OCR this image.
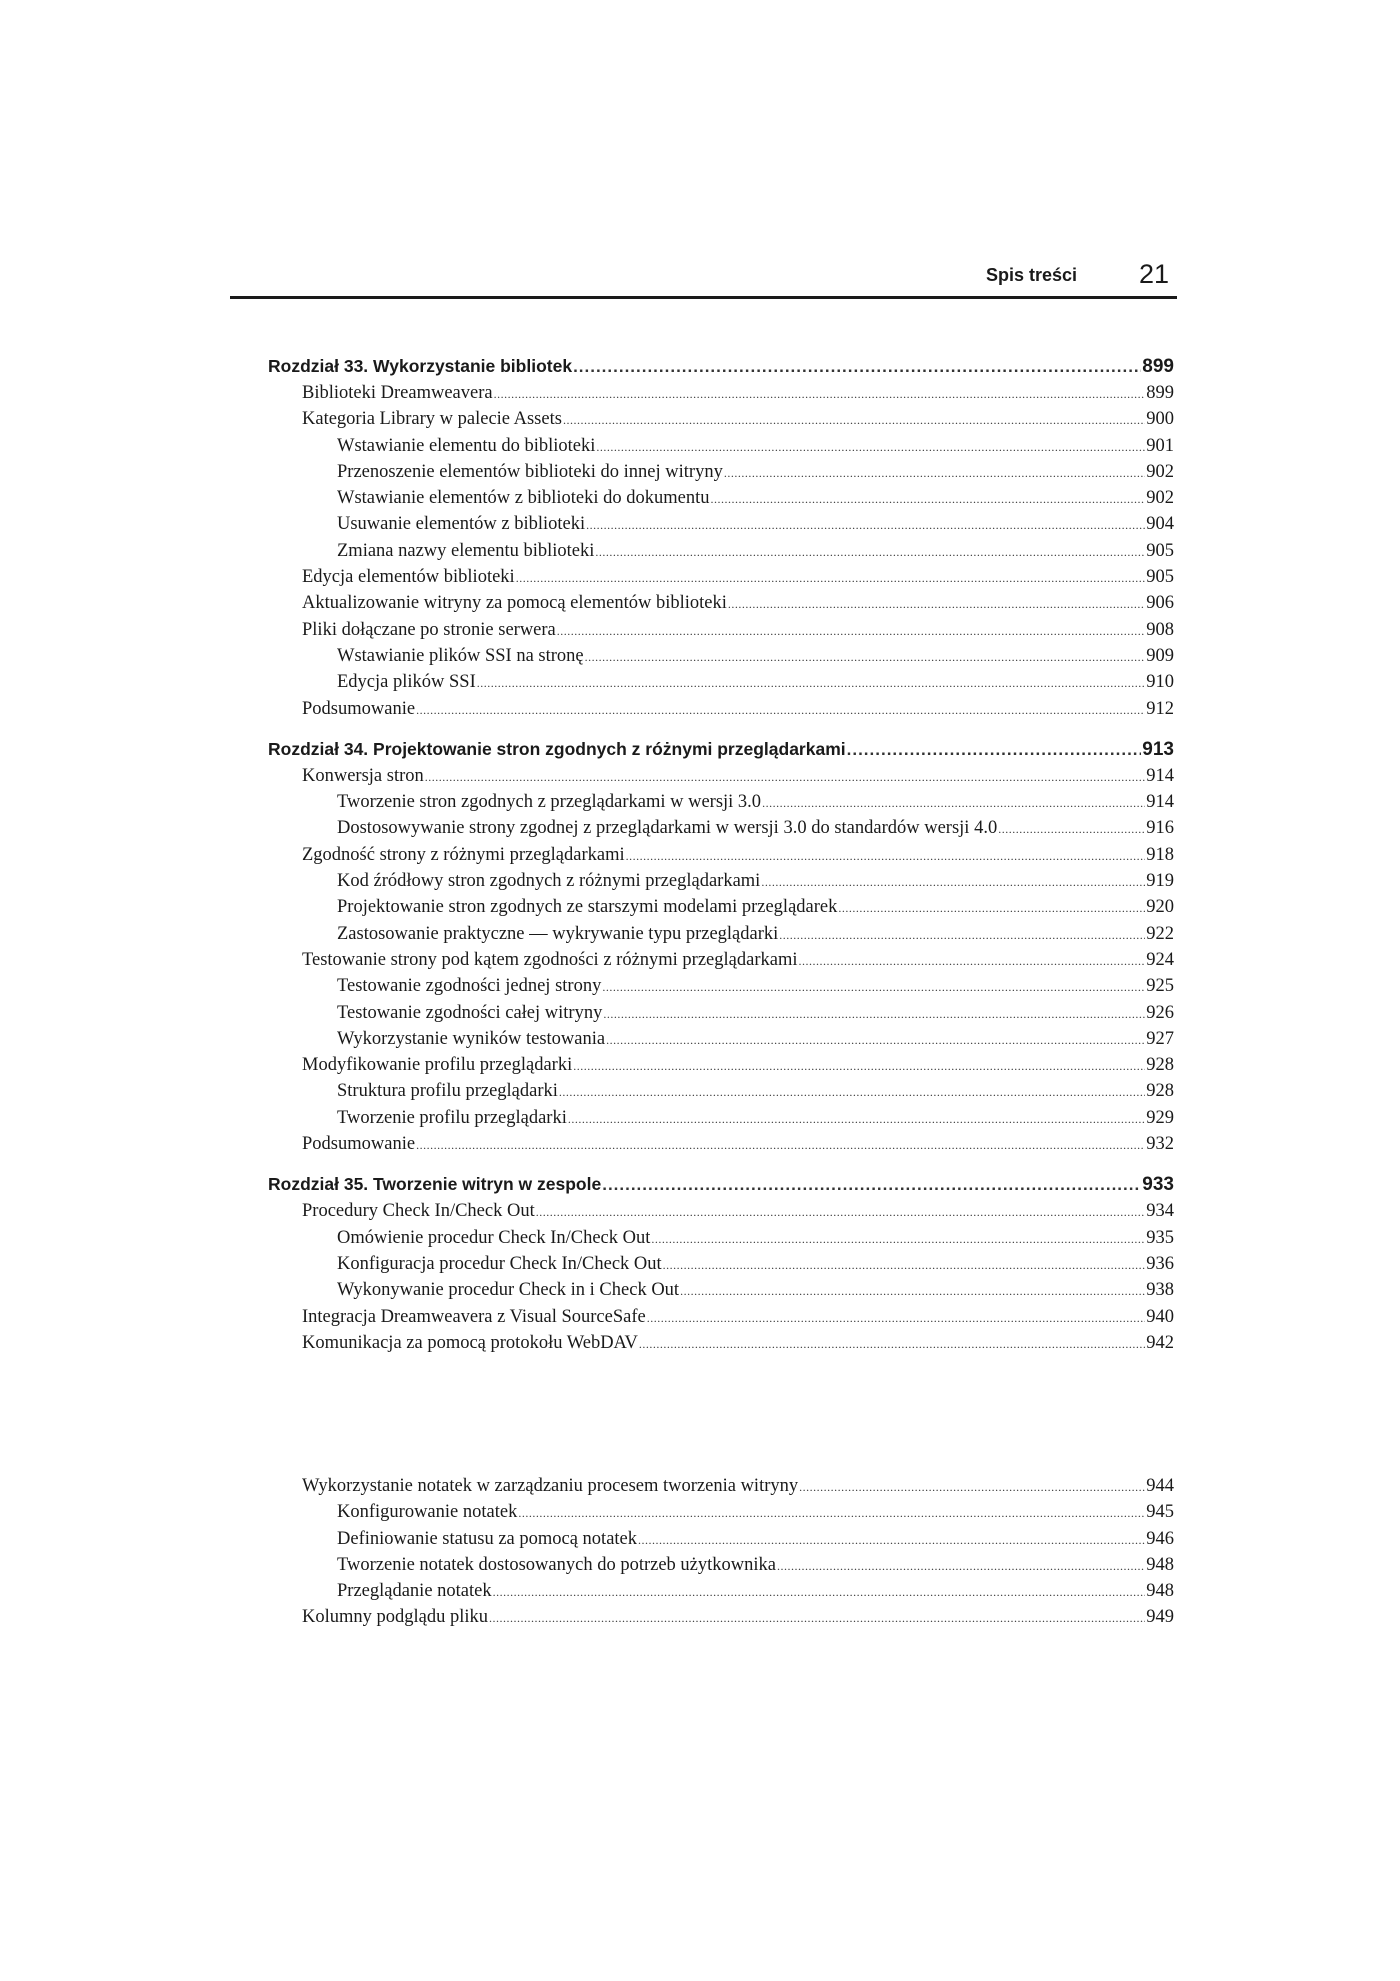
Spis treści 21
Rozdział 33. Wykorzystanie bibliotek .....	899
Biblioteki Dreamweavera .....	899
Kategoria Library w palecie Assets .....	900
Wstawianie elementu do biblioteki .....	901
Przenoszenie elementów biblioteki do innej witryny .....	902
Wstawianie elementów z biblioteki do dokumentu .....	902
Usuwanie elementów z biblioteki .....	904
Zmiana nazwy elementu biblioteki .....	905
Edycja elementów biblioteki .....	905
Aktualizowanie witryny za pomocą elementów biblioteki .....	906
Pliki dołączane po stronie serwera .....	908
Wstawianie plików SSI na stronę .....	909
Edycja plików SSI .....	910
Podsumowanie .....	912
Rozdział 34. Projektowanie stron zgodnych z różnymi przeglądarkami .....	913
Konwersja stron .....	914
Tworzenie stron zgodnych z przeglądarkami w wersji 3.0 .....	914
Dostosowywanie strony zgodnej z przeglądarkami w wersji 3.0 do standardów wersji 4.0 .....	916
Zgodność strony z różnymi przeglądarkami .....	918
Kod źródłowy stron zgodnych z różnymi przeglądarkami .....	919
Projektowanie stron zgodnych ze starszymi modelami przeglądarek .....	920
Zastosowanie praktyczne — wykrywanie typu przeglądarki .....	922
Testowanie strony pod kątem zgodności z różnymi przeglądarkami .....	924
Testowanie zgodności jednej strony .....	925
Testowanie zgodności całej witryny .....	926
Wykorzystanie wyników testowania .....	927
Modyfikowanie profilu przeglądarki .....	928
Struktura profilu przeglądarki .....	928
Tworzenie profilu przeglądarki .....	929
Podsumowanie .....	932
Rozdział 35. Tworzenie witryn w zespole .....	933
Procedury Check In/Check Out .....	934
Omówienie procedur Check In/Check Out .....	935
Konfiguracja procedur Check In/Check Out .....	936
Wykonywanie procedur Check in i Check Out .....	938
Integracja Dreamweavera z Visual SourceSafe .....	940
Komunikacja za pomocą protokołu WebDAV .....	942
Wykorzystanie notatek w zarządzaniu procesem tworzenia witryny .....	944
Konfigurowanie notatek .....	945
Definiowanie statusu za pomocą notatek .....	946
Tworzenie notatek dostosowanych do potrzeb użytkownika .....	948
Przeglądanie notatek .....	948
Kolumny podglądu pliku .....	949
